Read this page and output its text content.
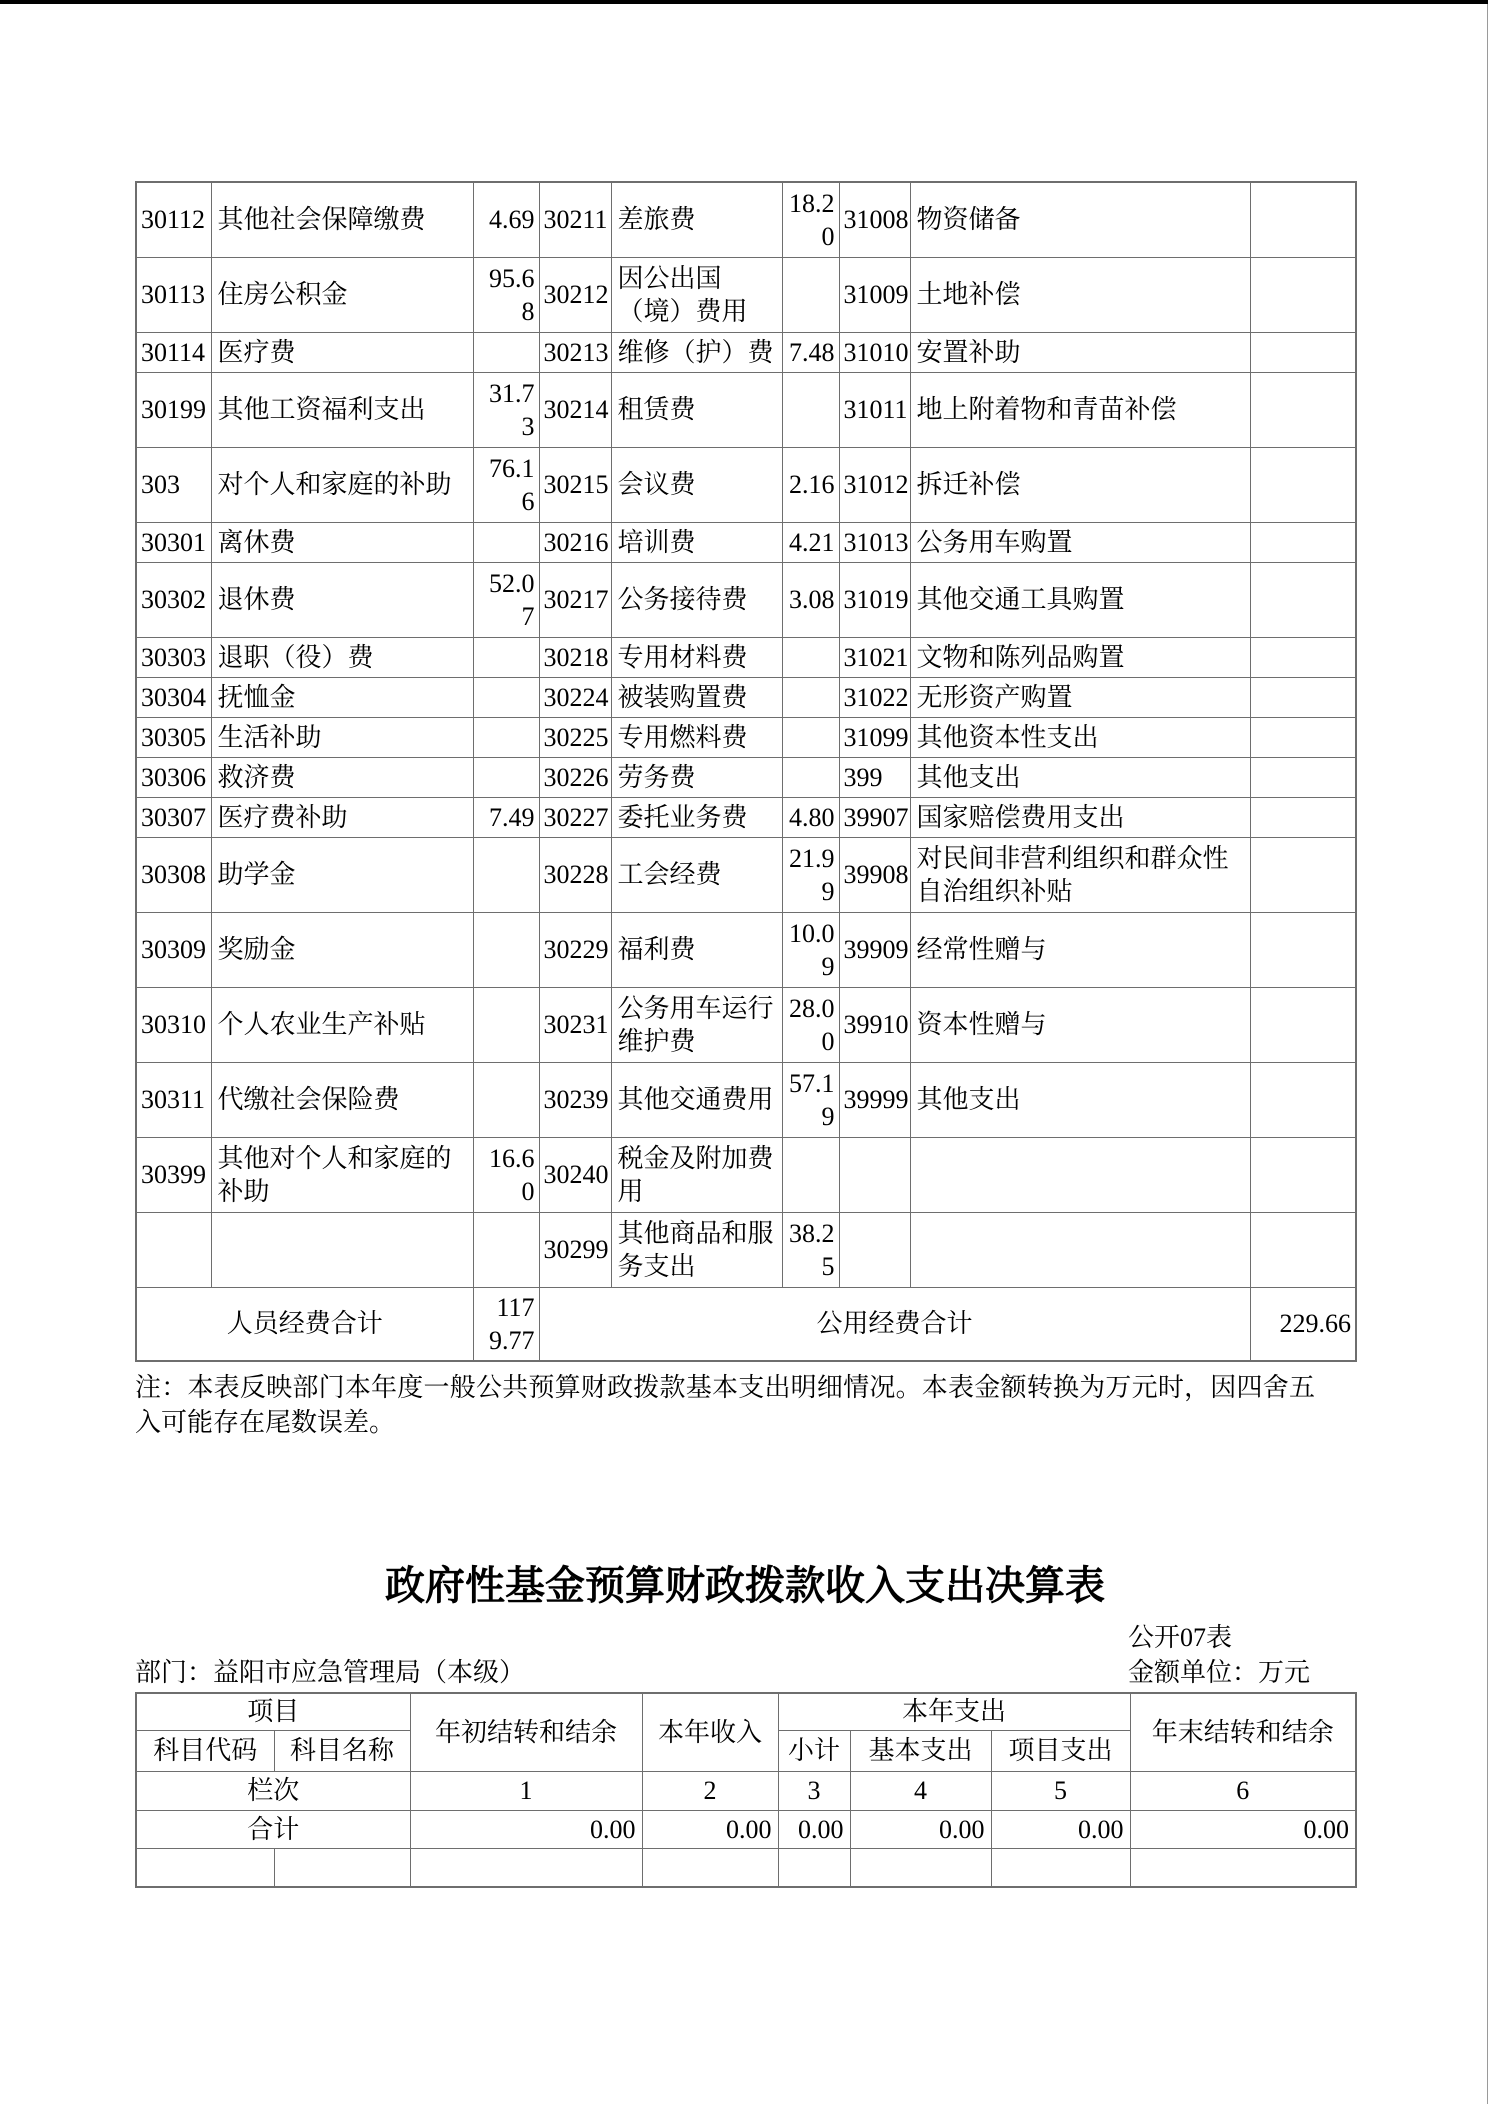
30112	其他社会保障缴费	4.69	30211	差旅费	18.20	31008	物资储备	
30113	住房公积金	95.68	30212	因公出国（境）费用		31009	土地补偿	
30114	医疗费		30213	维修（护）费	7.48	31010	安置补助	
30199	其他工资福利支出	31.73	30214	租赁费		31011	地上附着物和青苗补偿	
303	对个人和家庭的补助	76.16	30215	会议费	2.16	31012	拆迁补偿	
30301	离休费		30216	培训费	4.21	31013	公务用车购置	
30302	退休费	52.07	30217	公务接待费	3.08	31019	其他交通工具购置	
30303	退职（役）费		30218	专用材料费		31021	文物和陈列品购置	
30304	抚恤金		30224	被装购置费		31022	无形资产购置	
30305	生活补助		30225	专用燃料费		31099	其他资本性支出	
30306	救济费		30226	劳务费		399	其他支出	
30307	医疗费补助	7.49	30227	委托业务费	4.80	39907	国家赔偿费用支出	
30308	助学金		30228	工会经费	21.99	39908	对民间非营利组织和群众性自治组织补贴	
30309	奖励金		30229	福利费	10.09	39909	经常性赠与	
30310	个人农业生产补贴		30231	公务用车运行维护费	28.00	39910	资本性赠与	
30311	代缴社会保险费		30239	其他交通费用	57.19	39999	其他支出	
30399	其他对个人和家庭的补助	16.60	30240	税金及附加费用				
			30299	其他商品和服务支出	38.25			
人员经费合计		1179.77	公用经费合计					229.66

注：本表反映部门本年度一般公共预算财政拨款基本支出明细情况。本表金额转换为万元时，因四舍五入可能存在尾数误差。

政府性基金预算财政拨款收入支出决算表
公开07表
部门：益阳市应急管理局（本级）	金额单位：万元
项目		年初结转和结余	本年收入	本年支出			年末结转和结余
科目代码	科目名称			小计	基本支出	项目支出	
栏次		1	2	3	4	5	6
合计		0.00	0.00	0.00	0.00	0.00	0.00
